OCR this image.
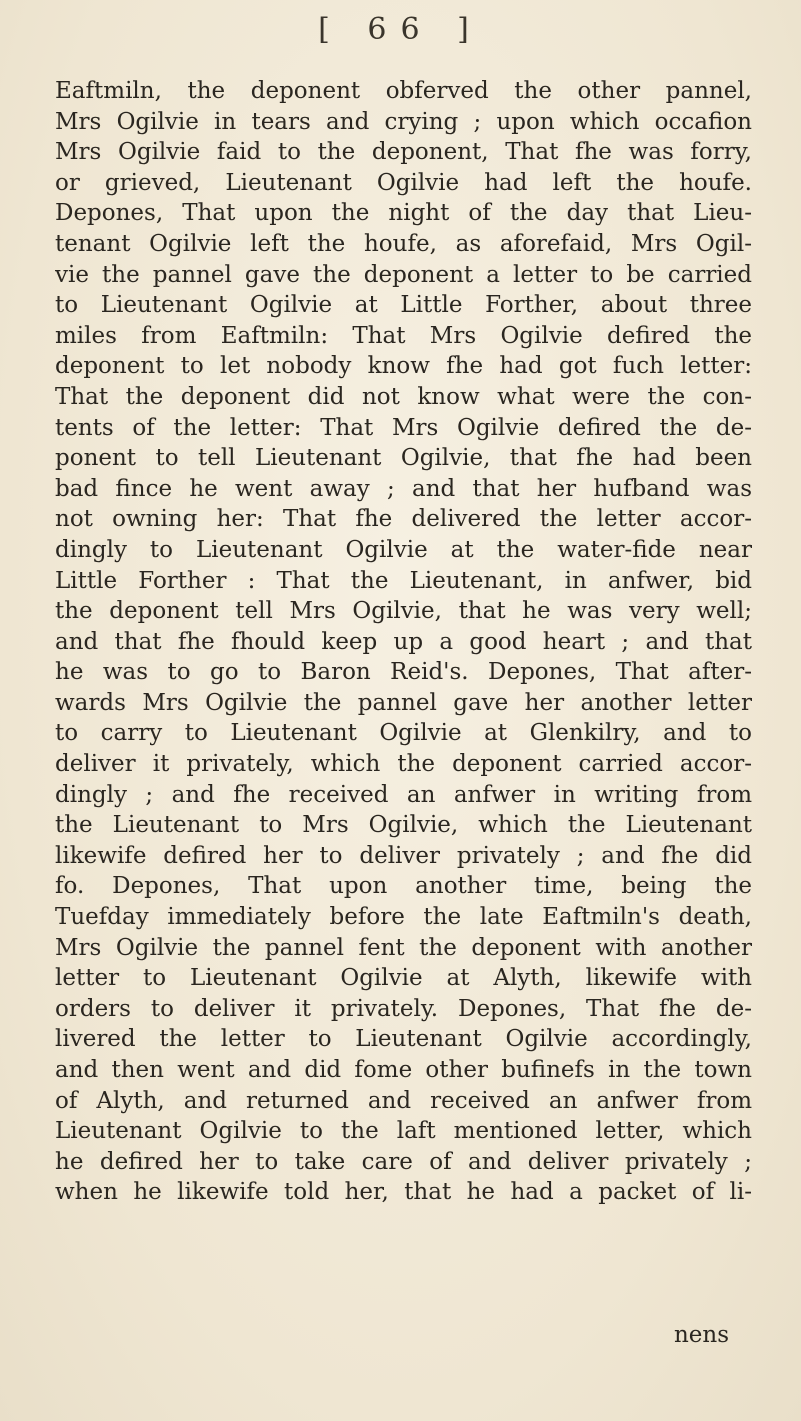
[ 66 ]
Eaftmiln, the deponent obferved the other pannel,
Mrs Ogilvie in tears and crying ; upon which occafion
Mrs Ogilvie faid to the deponent, That fhe was forry,
or grieved, Lieutenant Ogilvie had left the houfe.
Depones, That upon the night of the day that Lieu-
tenant Ogilvie left the houfe, as aforefaid, Mrs Ogil-
vie the pannel gave the deponent a letter to be carried
to Lieutenant Ogilvie at Little Forther, about three
miles from Eaftmiln: That Mrs Ogilvie defired the
deponent to let nobody know fhe had got fuch letter:
That the deponent did not know what were the con-
tents of the letter: That Mrs Ogilvie defired the de-
ponent to tell Lieutenant Ogilvie, that fhe had been
bad fince he went away ; and that her hufband was
not owning her: That fhe delivered the letter accor-
dingly to Lieutenant Ogilvie at the water-fide near
Little Forther : That the Lieutenant, in anfwer, bid
the deponent tell Mrs Ogilvie, that he was very well;
and that fhe fhould keep up a good heart ; and that
he was to go to Baron Reid's. Depones, That after-
wards Mrs Ogilvie the pannel gave her another letter
to carry to Lieutenant Ogilvie at Glenkilry, and to
deliver it privately, which the deponent carried accor-
dingly ; and fhe received an anfwer in writing from
the Lieutenant to Mrs Ogilvie, which the Lieutenant
likewife defired her to deliver privately ; and fhe did
fo. Depones, That upon another time, being the
Tuefday immediately before the late Eaftmiln's death,
Mrs Ogilvie the pannel fent the deponent with another
letter to Lieutenant Ogilvie at Alyth, likewife with
orders to deliver it privately. Depones, That fhe de-
livered the letter to Lieutenant Ogilvie accordingly,
and then went and did fome other bufinefs in the town
of Alyth, and returned and received an anfwer from
Lieutenant Ogilvie to the laft mentioned letter, which
he defired her to take care of and deliver privately ;
when he likewife told her, that he had a packet of li-
nens
